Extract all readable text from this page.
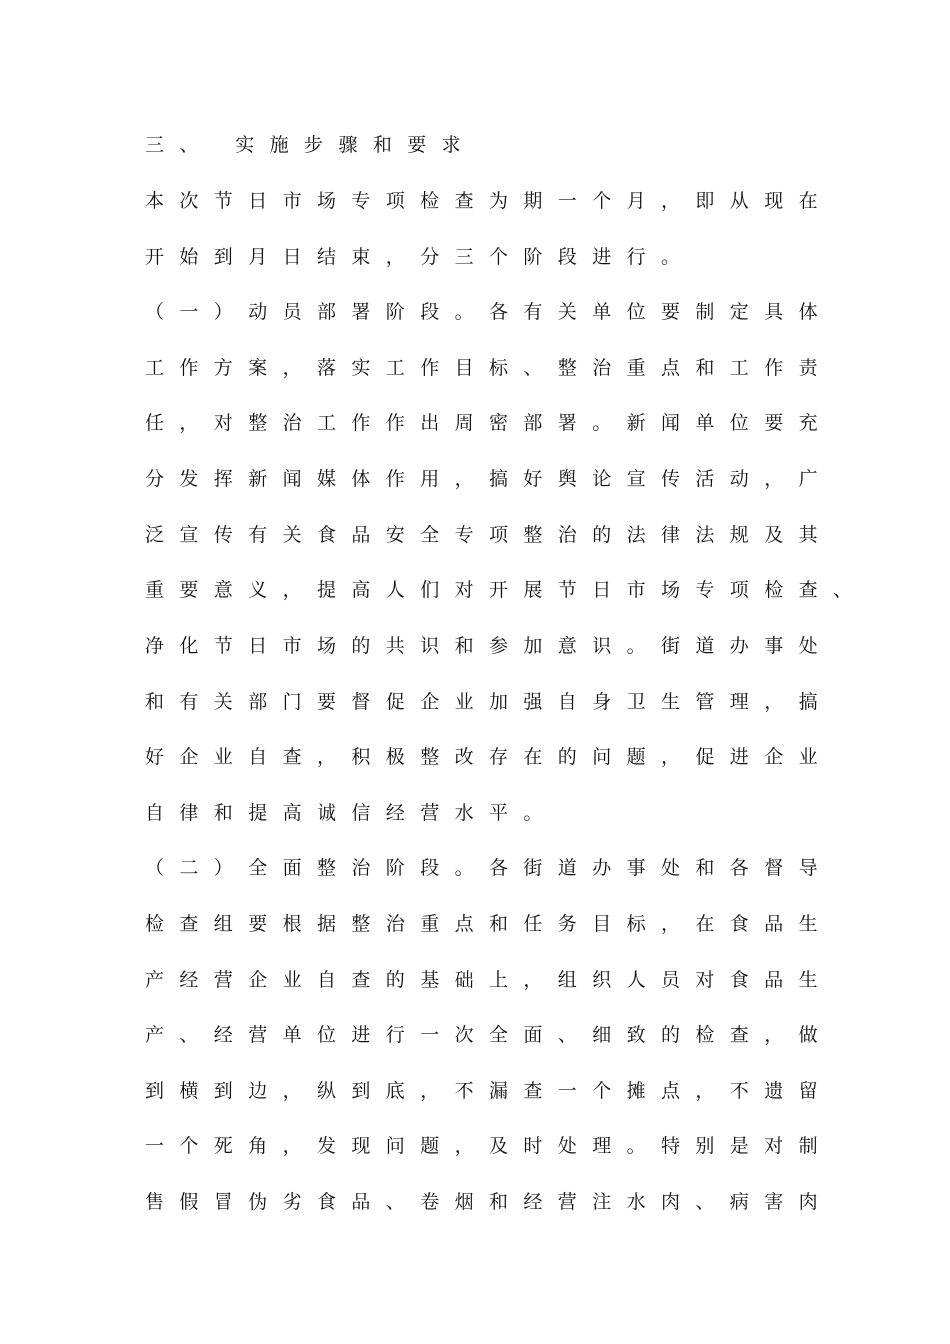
三、 实施步骤和要求
本次节日市场专项检查为期一个月，即从现在
开始到月日结束，分三个阶段进行。
（一）动员部署阶段。各有关单位要制定具体
工作方案，落实工作目标、整治重点和工作责
任，对整治工作作出周密部署。新闻单位要充
分发挥新闻媒体作用，搞好舆论宣传活动，广
泛宣传有关食品安全专项整治的法律法规及其
重要意义，提高人们对开展节日市场专项检查、
净化节日市场的共识和参加意识。街道办事处
和有关部门要督促企业加强自身卫生管理，搞
好企业自查，积极整改存在的问题，促进企业
自律和提高诚信经营水平。
（二）全面整治阶段。各街道办事处和各督导
检查组要根据整治重点和任务目标，在食品生
产经营企业自查的基础上，组织人员对食品生
产、经营单位进行一次全面、细致的检查，做
到横到边，纵到底，不漏查一个摊点，不遗留
一个死角，发现问题，及时处理。特别是对制
售假冒伪劣食品、卷烟和经营注水肉、病害肉
